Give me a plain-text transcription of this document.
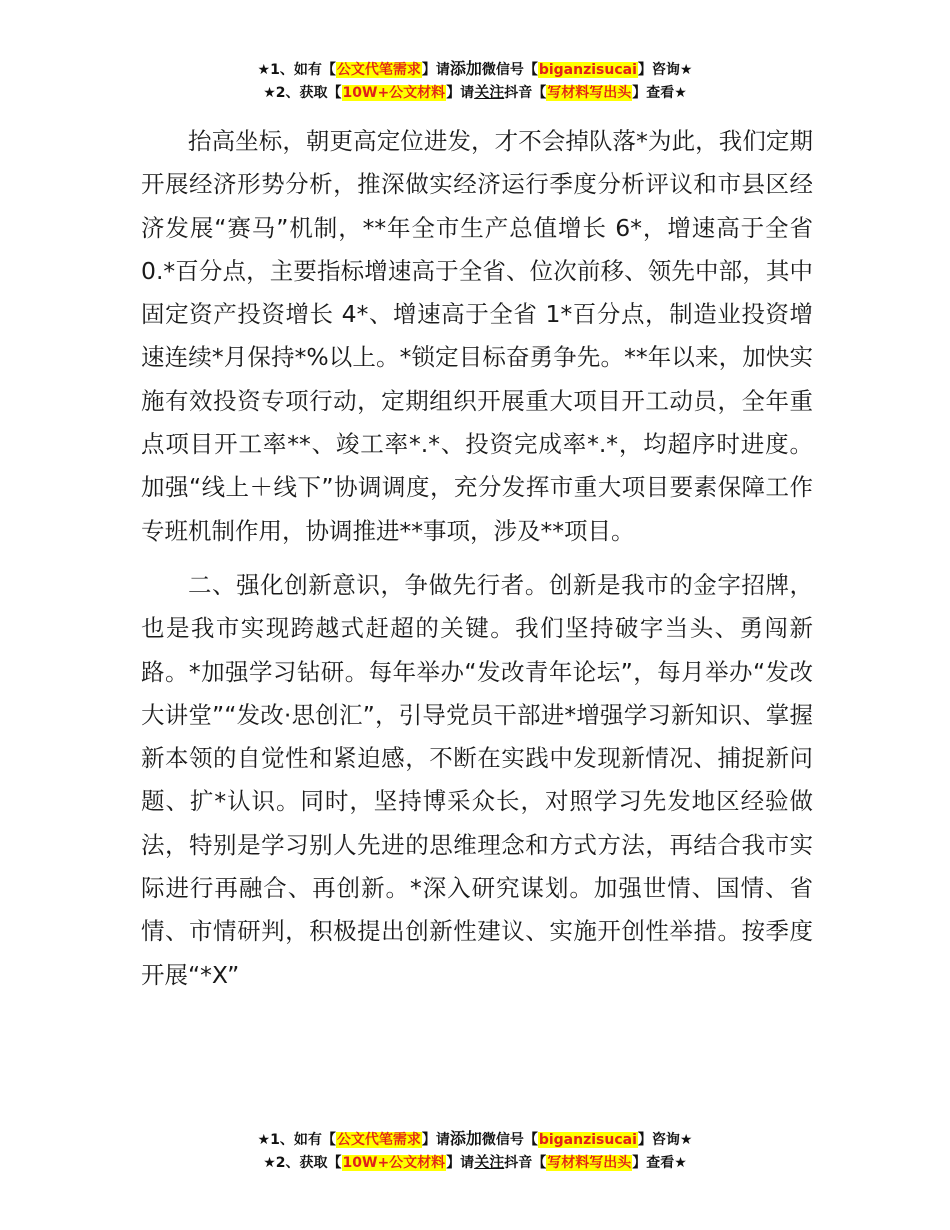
★1、如有【公文代笔需求】请添加微信号【biganzisucai】咨询★
★2、获取【10W+公文材料】请关注抖音【写材料写出头】查看★

抬高坐标，朝更高定位进发，才不会掉队落*为此，我们定期开展经济形势分析，推深做实经济运行季度分析评议和市县区经济发展“赛马”机制，**年全市生产总值增长 6*，增速高于全省 0.*百分点，主要指标增速高于全省、位次前移、领先中部，其中固定资产投资增长 4*、增速高于全省 1*百分点，制造业投资增速连续*月保持*%以上。*锁定目标奋勇争先。**年以来，加快实施有效投资专项行动，定期组织开展重大项目开工动员，全年重点项目开工率**、竣工率*.*、投资完成率*.*，均超序时进度。加强“线上＋线下”协调调度，充分发挥市重大项目要素保障工作专班机制作用，协调推进**事项，涉及**项目。

二、强化创新意识，争做先行者。创新是我市的金字招牌，也是我市实现跨越式赶超的关键。我们坚持破字当头、勇闯新路。*加强学习钻研。每年举办“发改青年论坛”，每月举办“发改大讲堂”“发改·思创汇”，引导党员干部进*增强学习新知识、掌握新本领的自觉性和紧迫感，不断在实践中发现新情况、捕捉新问题、扩*认识。同时，坚持博采众长，对照学习先发地区经验做法，特别是学习别人先进的思维理念和方式方法，再结合我市实际进行再融合、再创新。*深入研究谋划。加强世情、国情、省情、市情研判，积极提出创新性建议、实施开创性举措。按季度开展“*X”

★1、如有【公文代笔需求】请添加微信号【biganzisucai】咨询★
★2、获取【10W+公文材料】请关注抖音【写材料写出头】查看★
